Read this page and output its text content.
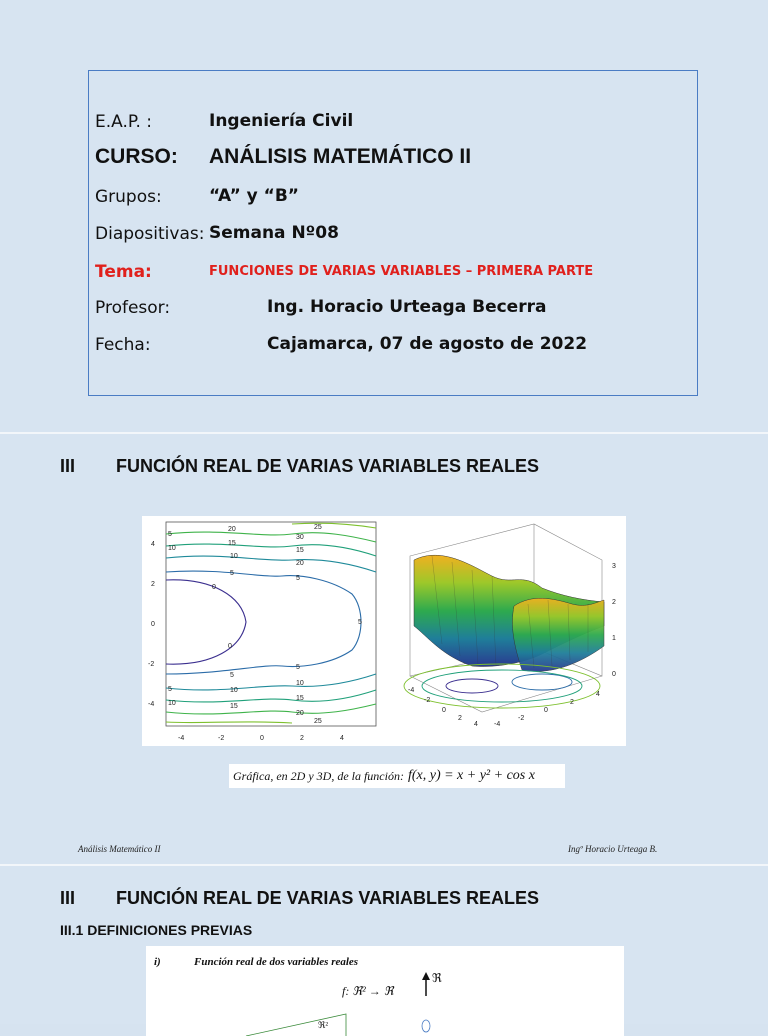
E.A.P. :	Ingeniería Civil
CURSO: ANÁLISIS MATEMÁTICO II
Grupos:	“A” y “B”
Diapositivas: Semana Nº08
Tema:	FUNCIONES DE VARIAS VARIABLES – PRIMERA PARTE
Profesor:	Ing. Horacio Urteaga Becerra
Fecha:	Cajamarca, 07 de agosto de 2022
III FUNCIÓN REAL DE VARIAS VARIABLES REALES
20	25
15
30
10
15
5
20
0
5
0
5
5
10
10
15
15
20
25
5
10
5
10
5
4
2
0
-2
-4
-4	-2	0	2	4
3
2
1
0
-4
-2
0
2
4 -4
-2
0
2
4
Gráfica, en 2D y 3D, de la función: f(x, y) = x + y² + cos x
Análisis Matemático II	Ingº Horacio Urteaga B.
III FUNCIÓN REAL DE VARIAS VARIABLES REALES
III.1 DEFINICIONES PREVIAS
i)	Función real de dos variables reales
f: ℜ² → ℜ
ℜ
ℜ²
